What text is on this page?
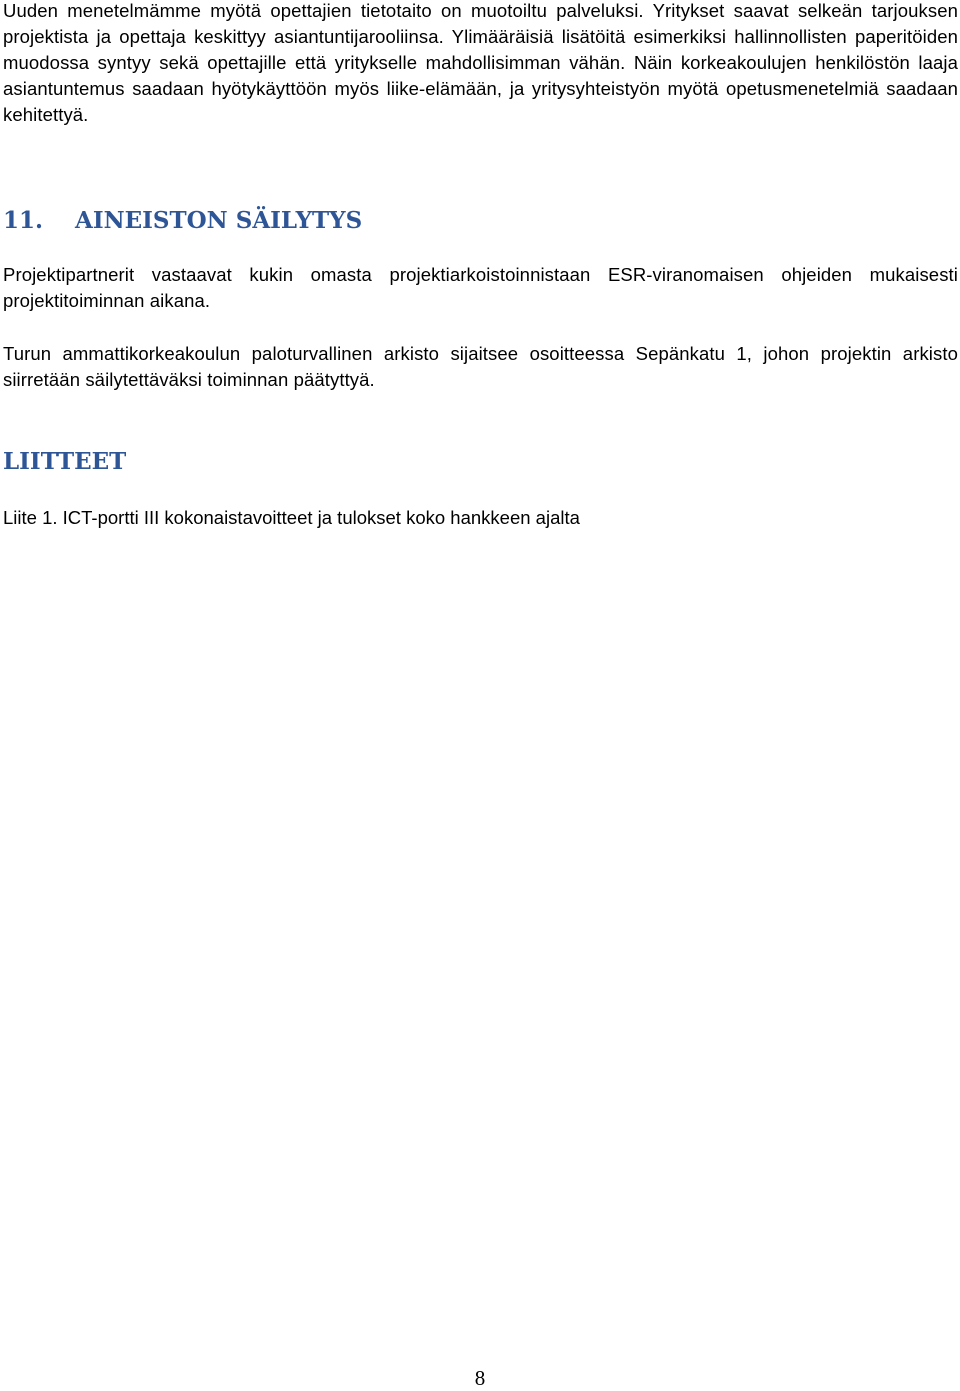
Uuden menetelmämme myötä opettajien tietotaito on muotoiltu palveluksi. Yritykset saavat selkeän tarjouksen projektista ja opettaja keskittyy asiantuntijarooliinsa. Ylimääräisiä lisätöitä esimerkiksi hallinnollisten paperitöiden muodossa syntyy sekä opettajille että yritykselle mahdollisimman vähän. Näin korkeakoulujen henkilöstön laaja asiantuntemus saadaan hyötykäyttöön myös liike-elämään, ja yritysyhteistyön myötä opetusmenetelmiä saadaan kehitettyä.

11. AINEISTON SÄILYTYS

Projektipartnerit vastaavat kukin omasta projektiarkoistoinnistaan ESR-viranomaisen ohjeiden mukaisesti projektitoiminnan aikana.

Turun ammattikorkeakoulun paloturvallinen arkisto sijaitsee osoitteessa Sepänkatu 1, johon projektin arkisto siirretään säilytettäväksi toiminnan päätyttyä.

LIITTEET

Liite 1. ICT-portti III kokonaistavoitteet ja tulokset koko hankkeen ajalta

8
